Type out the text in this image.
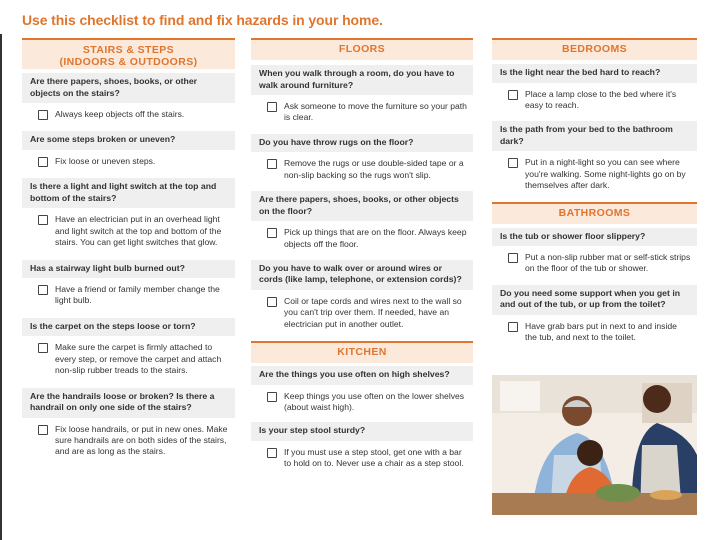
Use this checklist to find and fix hazards in your home.
STAIRS & STEPS
(INDOORS & OUTDOORS)
Are there papers, shoes, books, or other objects on the stairs?
Always keep objects off the stairs.
Are some steps broken or uneven?
Fix loose or uneven steps.
Is there a light and light switch at the top and bottom of the stairs?
Have an electrician put in an overhead light and light switch at the top and bottom of the stairs. You can get light switches that glow.
Has a stairway light bulb burned out?
Have a friend or family member change the light bulb.
Is the carpet on the steps loose or torn?
Make sure the carpet is firmly attached to every step, or remove the carpet and attach non-slip rubber treads to the stairs.
Are the handrails loose or broken? Is there a handrail on only one side of the stairs?
Fix loose handrails, or put in new ones. Make sure handrails are on both sides of the stairs, and are as long as the stairs.
FLOORS
When you walk through a room, do you have to walk around furniture?
Ask someone to move the furniture so your path is clear.
Do you have throw rugs on the floor?
Remove the rugs or use double-sided tape or a non-slip backing so the rugs won't slip.
Are there papers, shoes, books, or other objects on the floor?
Pick up things that are on the floor. Always keep objects off the floor.
Do you have to walk over or around wires or cords (like lamp, telephone, or extension cords)?
Coil or tape cords and wires next to the wall so you can't trip over them. If needed, have an electrician put in another outlet.
KITCHEN
Are the things you use often on high shelves?
Keep things you use often on the lower shelves (about waist high).
Is your step stool sturdy?
If you must use a step stool, get one with a bar to hold on to. Never use a chair as a step stool.
BEDROOMS
Is the light near the bed hard to reach?
Place a lamp close to the bed where it's easy to reach.
Is the path from your bed to the bathroom dark?
Put in a night-light so you can see where you're walking. Some night-lights go on by themselves after dark.
BATHROOMS
Is the tub or shower floor slippery?
Put a non-slip rubber mat or self-stick strips on the floor of the tub or shower.
Do you need some support when you get in and out of the tub, or up from the toilet?
Have grab bars put in next to and inside the tub, and next to the toilet.
